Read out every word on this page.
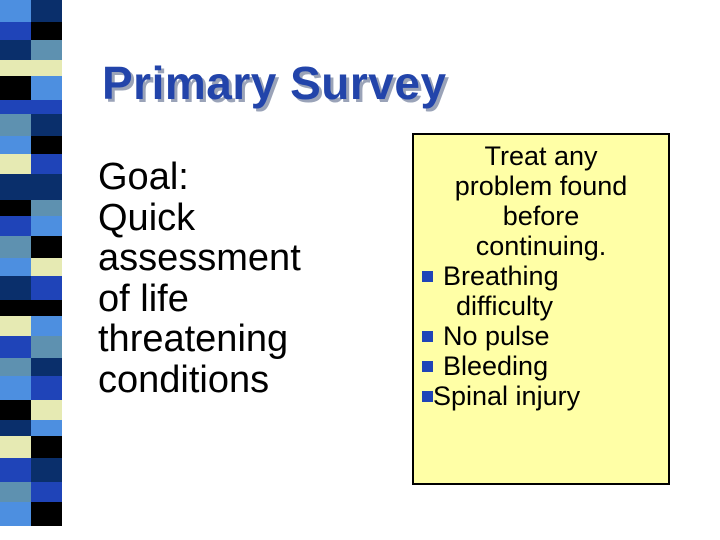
Primary Survey
Goal:
Quick
assessment
of life
threatening
conditions
Treat any
problem found
before
continuing.
Breathing
difficulty
No pulse
Bleeding
Spinal injury
